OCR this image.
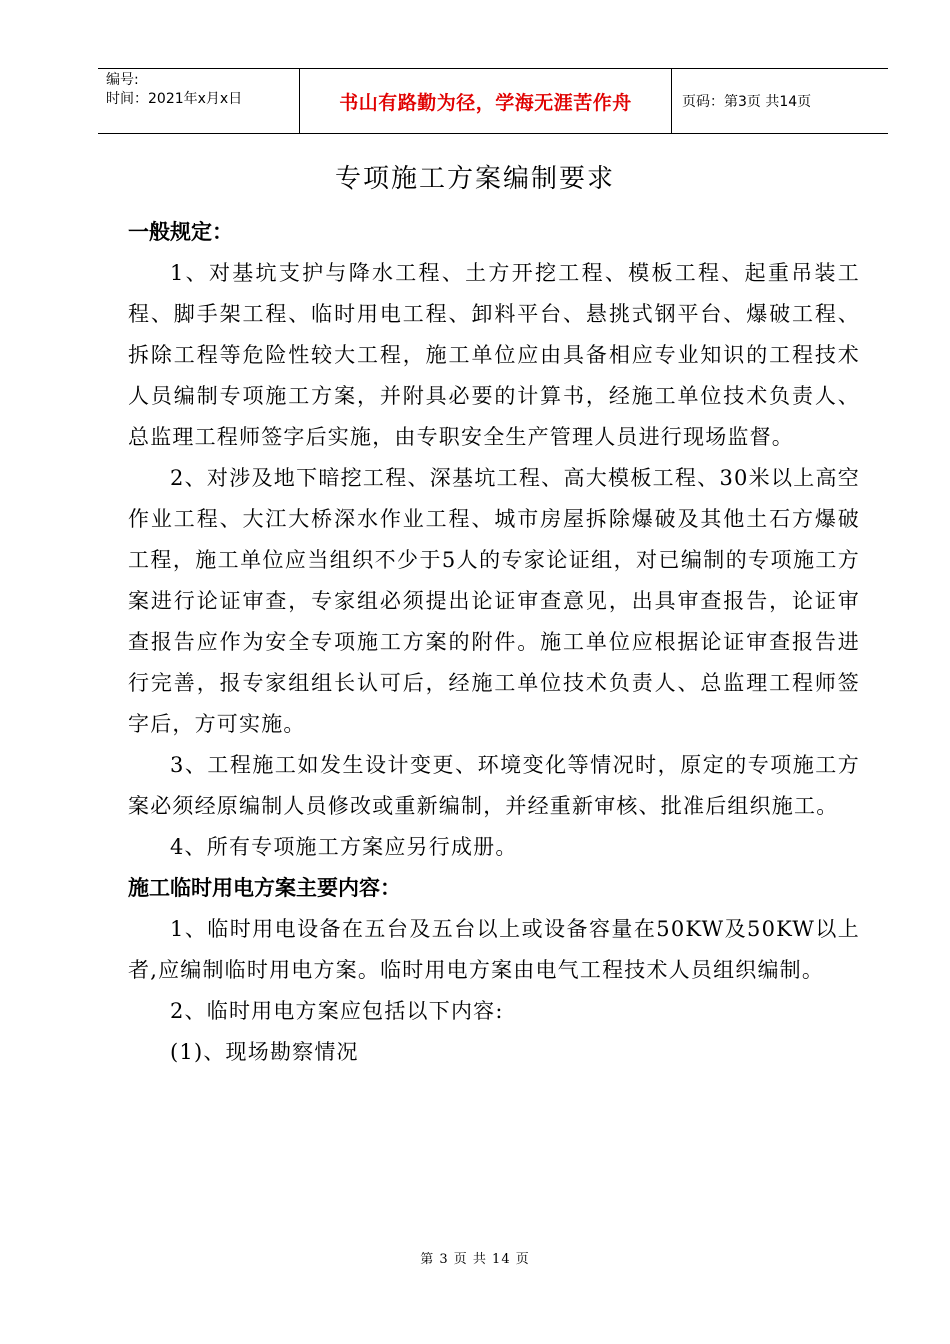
编号:
时间：2021年x月x日	书山有路勤为径，学海无涯苦作舟	页码：第3页 共14页
专项施工方案编制要求

一般规定：

1、对基坑支护与降水工程、土方开挖工程、模板工程、起重吊装工程、脚手架工程、临时用电工程、卸料平台、悬挑式钢平台、爆破工程、拆除工程等危险性较大工程，施工单位应由具备相应专业知识的工程技术人员编制专项施工方案，并附具必要的计算书，经施工单位技术负责人、总监理工程师签字后实施，由专职安全生产管理人员进行现场监督。

2、对涉及地下暗挖工程、深基坑工程、高大模板工程、30米以上高空作业工程、大江大桥深水作业工程、城市房屋拆除爆破及其他土石方爆破工程，施工单位应当组织不少于5人的专家论证组，对已编制的专项施工方案进行论证审查，专家组必须提出论证审查意见，出具审查报告，论证审查报告应作为安全专项施工方案的附件。施工单位应根据论证审查报告进行完善，报专家组组长认可后，经施工单位技术负责人、总监理工程师签字后，方可实施。

3、工程施工如发生设计变更、环境变化等情况时，原定的专项施工方案必须经原编制人员修改或重新编制，并经重新审核、批准后组织施工。

4、所有专项施工方案应另行成册。

施工临时用电方案主要内容：

1、临时用电设备在五台及五台以上或设备容量在50KW及50KW以上者,应编制临时用电方案。临时用电方案由电气工程技术人员组织编制。

2、临时用电方案应包括以下内容:

(1)、现场勘察情况

第 3 页 共 14 页
